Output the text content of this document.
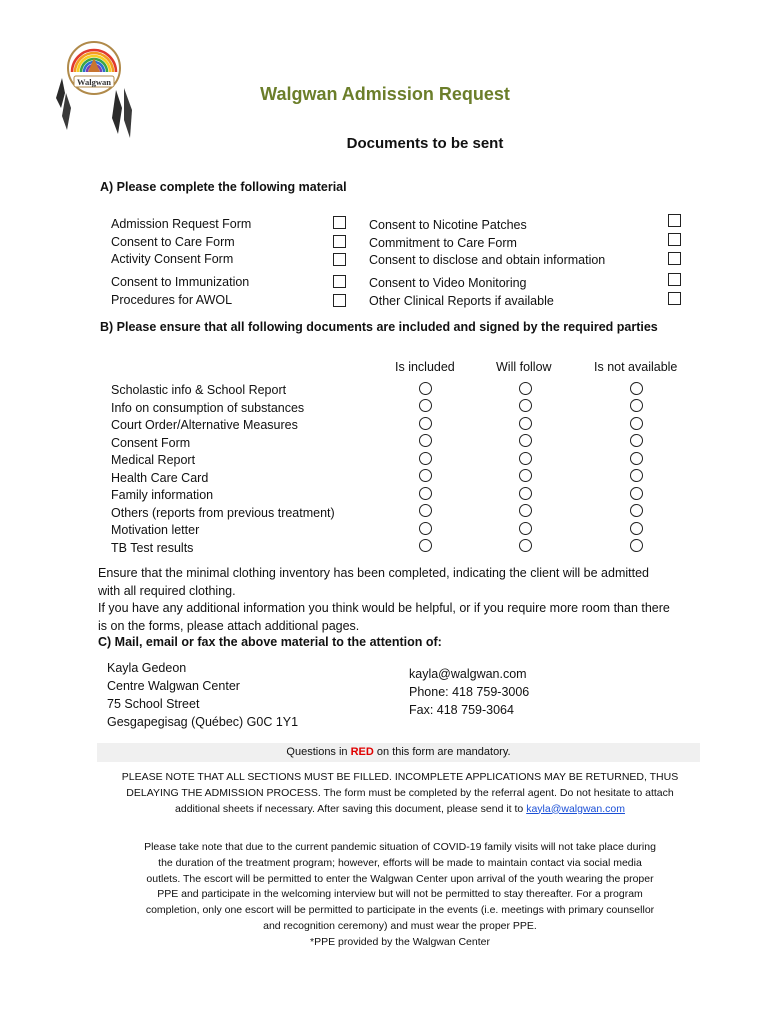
Walgwan
Walgwan Admission Request
Documents to be sent
A) Please complete the following material
Admission Request Form
Consent to Care Form
Activity Consent Form
Consent to Immunization
Procedures for AWOL
Consent to Nicotine Patches
Commitment to Care Form
Consent to disclose and obtain information
Consent to Video Monitoring
Other Clinical Reports if available
B) Please ensure that all following documents are included and signed by the required parties
Is included	Will follow	Is not available
Scholastic info & School Report
Info on consumption of substances
Court Order/Alternative Measures
Consent Form
Medical Report
Health Care Card
Family information
Others (reports from previous treatment)
Motivation letter
TB Test results
Ensure that the minimal clothing inventory has been completed, indicating the client will be admitted
with all required clothing.
If you have any additional information you think would be helpful, or if you require more room than there
is on the forms, please attach additional pages.
C) Mail, email or fax the above material to the attention of:
Kayla Gedeon
Centre Walgwan Center
75 School Street
Gesgapegisag (Québec) G0C 1Y1
kayla@walgwan.com
Phone: 418 759-3006
Fax: 418 759-3064
Questions in RED on this form are mandatory.
PLEASE NOTE THAT ALL SECTIONS MUST BE FILLED. INCOMPLETE APPLICATIONS MAY BE RETURNED, THUS
DELAYING THE ADMISSION PROCESS. The form must be completed by the referral agent. Do not hesitate to attach
additional sheets if necessary. After saving this document, please send it to kayla@walgwan.com
Please take note that due to the current pandemic situation of COVID-19 family visits will not take place during
the duration of the treatment program; however, efforts will be made to maintain contact via social media
outlets. The escort will be permitted to enter the Walgwan Center upon arrival of the youth wearing the proper
PPE and participate in the welcoming interview but will not be permitted to stay thereafter. For a program
completion, only one escort will be permitted to participate in the events (i.e. meetings with primary counsellor
and recognition ceremony) and must wear the proper PPE.
*PPE provided by the Walgwan Center
